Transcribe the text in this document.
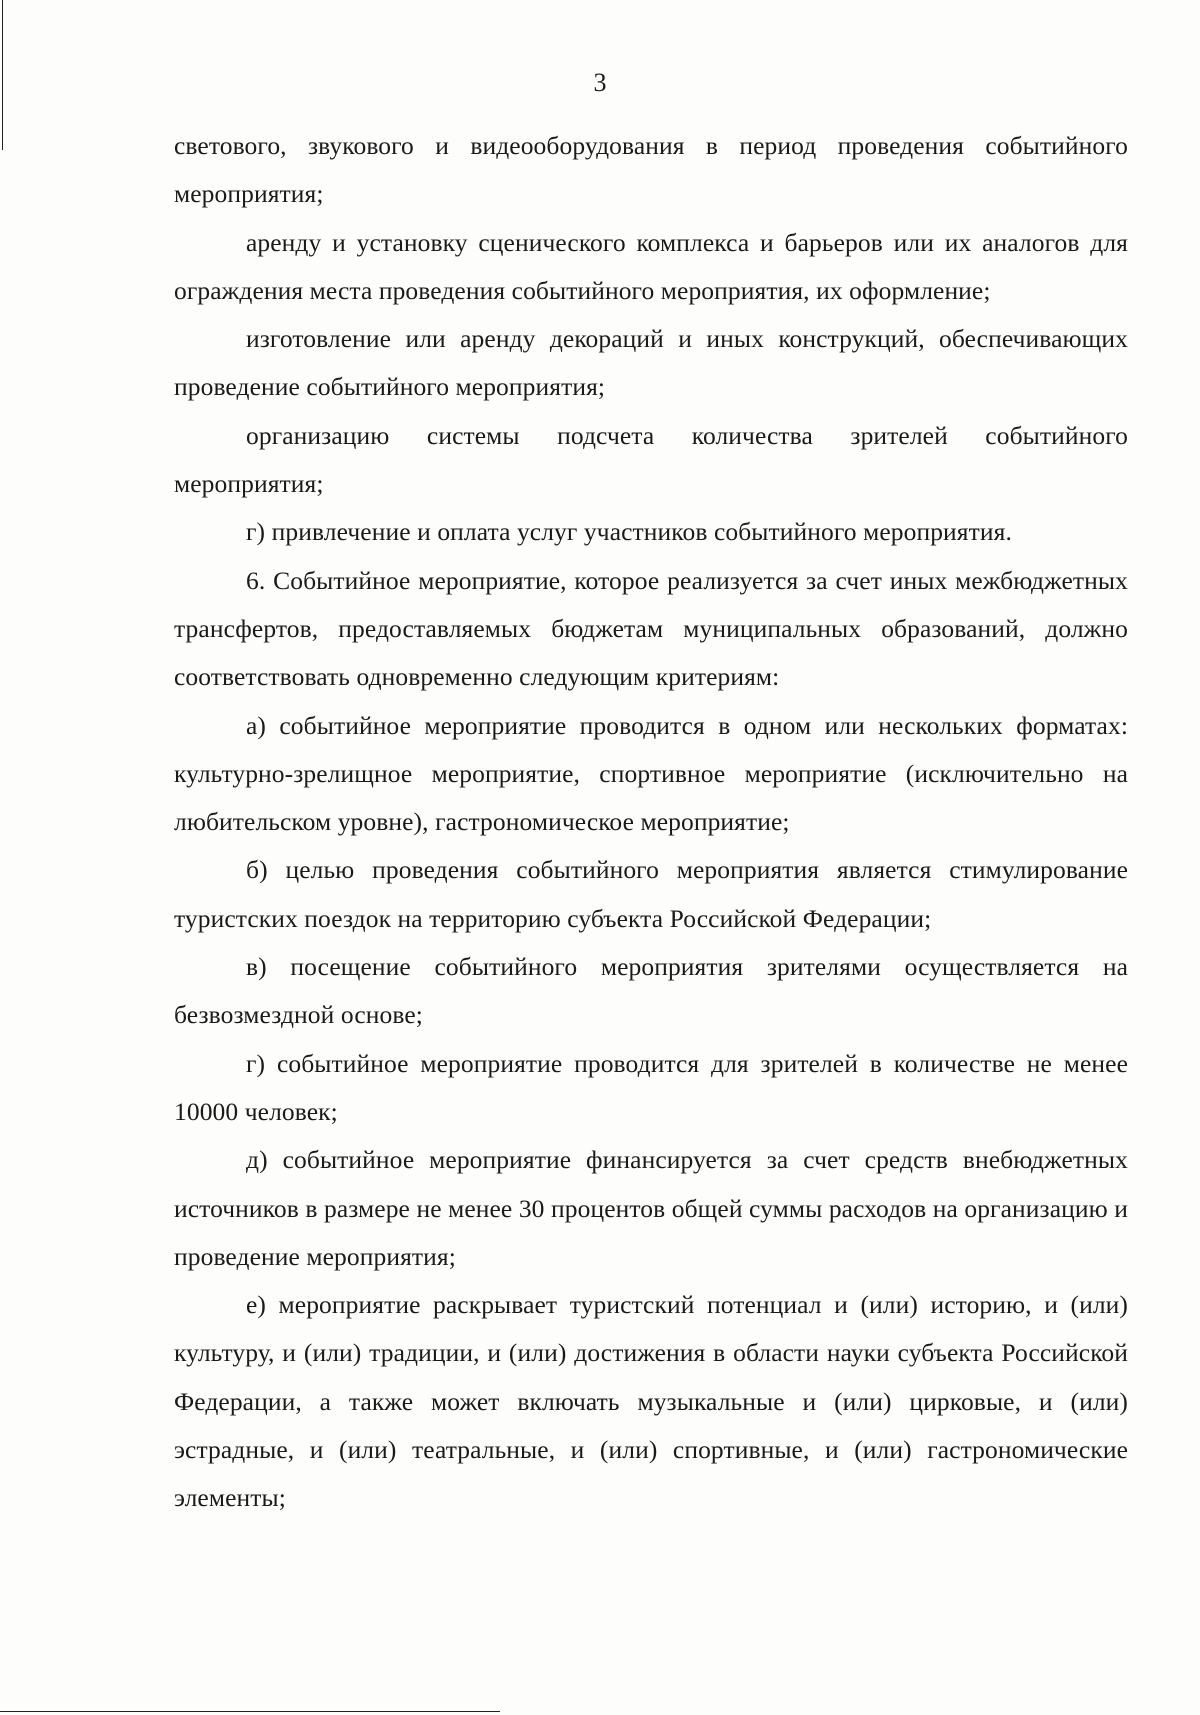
3

светового, звукового и видеооборудования в период проведения событийного мероприятия;

аренду и установку сценического комплекса и барьеров или их аналогов для ограждения места проведения событийного мероприятия, их оформление;

изготовление или аренду декораций и иных конструкций, обеспечивающих проведение событийного мероприятия;

организацию системы подсчета количества зрителей событийного мероприятия;

г) привлечение и оплата услуг участников событийного мероприятия.

6. Событийное мероприятие, которое реализуется за счет иных межбюджетных трансфертов, предоставляемых бюджетам муниципальных образований, должно соответствовать одновременно следующим критериям:

а) событийное мероприятие проводится в одном или нескольких форматах: культурно-зрелищное мероприятие, спортивное мероприятие (исключительно на любительском уровне), гастрономическое мероприятие;

б) целью проведения событийного мероприятия является стимулирование туристских поездок на территорию субъекта Российской Федерации;

в) посещение событийного мероприятия зрителями осуществляется на безвозмездной основе;

г) событийное мероприятие проводится для зрителей в количестве не менее 10000 человек;

д) событийное мероприятие финансируется за счет средств внебюджетных источников в размере не менее 30 процентов общей суммы расходов на организацию и проведение мероприятия;

е) мероприятие раскрывает туристский потенциал и (или) историю, и (или) культуру, и (или) традиции, и (или) достижения в области науки субъекта Российской Федерации, а также может включать музыкальные и (или) цирковые, и (или) эстрадные, и (или) театральные, и (или) спортивные, и (или) гастрономические элементы;
